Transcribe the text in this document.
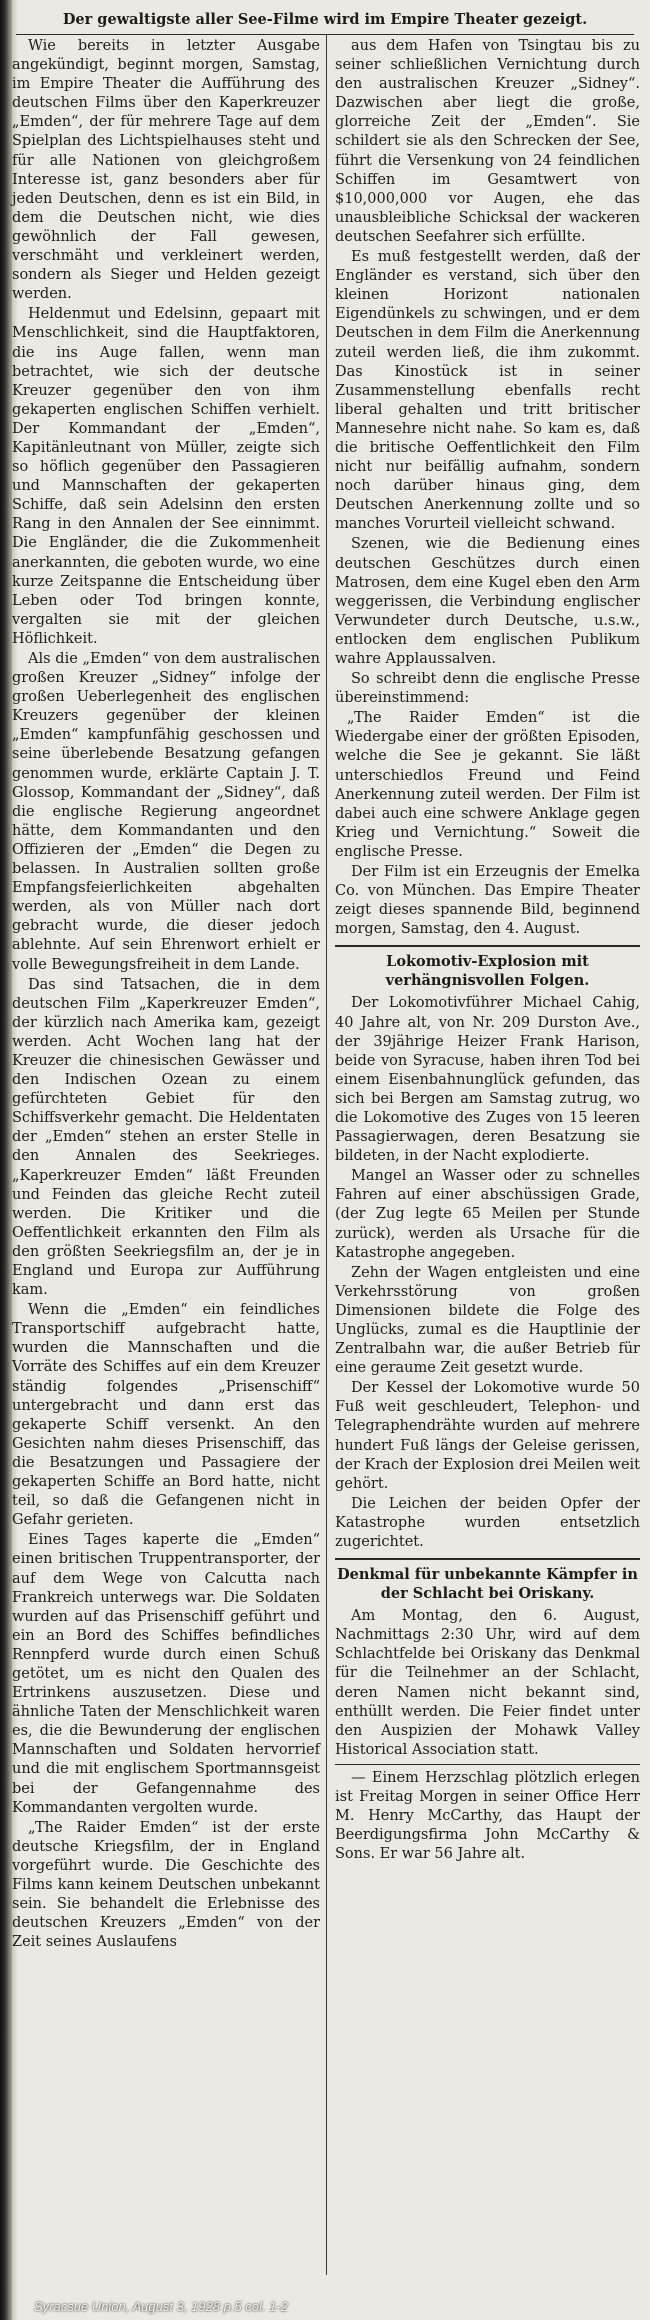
Der gewaltigste aller See-Filme wird im Empire Theater gezeigt.

Wie bereits in letzter Ausgabe angekündigt, beginnt morgen, Samstag, im Empire Theater die Aufführung des deutschen Films über den Kaperkreuzer „Emden“, der für mehrere Tage auf dem Spielplan des Lichtspielhauses steht und für alle Nationen von gleichgroßem Interesse ist, ganz besonders aber für jeden Deutschen, denn es ist ein Bild, in dem die Deutschen nicht, wie dies gewöhnlich der Fall gewesen, verschmäht und verkleinert werden, sondern als Sieger und Helden gezeigt werden.

Heldenmut und Edelsinn, gepaart mit Menschlichkeit, sind die Hauptfaktoren, die ins Auge fallen, wenn man betrachtet, wie sich der deutsche Kreuzer gegenüber den von ihm gekaperten englischen Schiffen verhielt. Der Kommandant der „Emden“, Kapitänleutnant von Müller, zeigte sich so höflich gegenüber den Passagieren und Mannschaften der gekaperten Schiffe, daß sein Adelsinn den ersten Rang in den Annalen der See einnimmt. Die Engländer, die die Zukommenheit anerkannten, die geboten wurde, wo eine kurze Zeitspanne die Entscheidung über Leben oder Tod bringen konnte, vergalten sie mit der gleichen Höflichkeit.

Als die „Emden“ von dem australischen großen Kreuzer „Sidney“ infolge der großen Ueberlegenheit des englischen Kreuzers gegenüber der kleinen „Emden“ kampfunfähig geschossen und seine überlebende Besatzung gefangen genommen wurde, erklärte Captain J. T. Glossop, Kommandant der „Sidney“, daß die englische Regierung angeordnet hätte, dem Kommandanten und den Offizieren der „Emden“ die Degen zu belassen. In Australien sollten große Empfangsfeierlichkeiten abgehalten werden, als von Müller nach dort gebracht wurde, die dieser jedoch ablehnte. Auf sein Ehrenwort erhielt er volle Bewegungsfreiheit in dem Lande.

Das sind Tatsachen, die in dem deutschen Film „Kaperkreuzer Emden“, der kürzlich nach Amerika kam, gezeigt werden. Acht Wochen lang hat der Kreuzer die chinesischen Gewässer und den Indischen Ozean zu einem gefürchteten Gebiet für den Schiffsverkehr gemacht. Die Heldentaten der „Emden“ stehen an erster Stelle in den Annalen des Seekrieges. „Kaperkreuzer Emden“ läßt Freunden und Feinden das gleiche Recht zuteil werden. Die Kritiker und die Oeffentlichkeit erkannten den Film als den größten Seekriegsfilm an, der je in England und Europa zur Aufführung kam.

Wenn die „Emden“ ein feindliches Transportschiff aufgebracht hatte, wurden die Mannschaften und die Vorräte des Schiffes auf ein dem Kreuzer ständig folgendes „Prisenschiff“ untergebracht und dann erst das gekaperte Schiff versenkt. An den Gesichten nahm dieses Prisenschiff, das die Besatzungen und Passagiere der gekaperten Schiffe an Bord hatte, nicht teil, so daß die Gefangenen nicht in Gefahr gerieten.

Eines Tages kaperte die „Emden“ einen britischen Truppentransporter, der auf dem Wege von Calcutta nach Frankreich unterwegs war. Die Soldaten wurden auf das Prisenschiff geführt und ein an Bord des Schiffes befindliches Rennpferd wurde durch einen Schuß getötet, um es nicht den Qualen des Ertrinkens auszusetzen. Diese und ähnliche Taten der Menschlichkeit waren es, die die Bewunderung der englischen Mannschaften und Soldaten hervorrief und die mit englischem Sportmannsgeist bei der Gefangennahme des Kommandanten vergolten wurde.

„The Raider Emden“ ist der erste deutsche Kriegsfilm, der in England vorgeführt wurde. Die Geschichte des Films kann keinem Deutschen unbekannt sein. Sie behandelt die Erlebnisse des deutschen Kreuzers „Emden“ von der Zeit seines Auslaufens

aus dem Hafen von Tsingtau bis zu seiner schließlichen Vernichtung durch den australischen Kreuzer „Sidney“. Dazwischen aber liegt die große, glorreiche Zeit der „Emden“. Sie schildert sie als den Schrecken der See, führt die Versenkung von 24 feindlichen Schiffen im Gesamtwert von $10,000,000 vor Augen, ehe das unausbleibliche Schicksal der wackeren deutschen Seefahrer sich erfüllte.

Es muß festgestellt werden, daß der Engländer es verstand, sich über den kleinen Horizont nationalen Eigendünkels zu schwingen, und er dem Deutschen in dem Film die Anerkennung zuteil werden ließ, die ihm zukommt. Das Kinostück ist in seiner Zusammenstellung ebenfalls recht liberal gehalten und tritt britischer Mannesehre nicht nahe. So kam es, daß die britische Oeffentlichkeit den Film nicht nur beifällig aufnahm, sondern noch darüber hinaus ging, dem Deutschen Anerkennung zollte und so manches Vorurteil vielleicht schwand.

Szenen, wie die Bedienung eines deutschen Geschützes durch einen Matrosen, dem eine Kugel eben den Arm weggerissen, die Verbindung englischer Verwundeter durch Deutsche, u.s.w., entlocken dem englischen Publikum wahre Applaussalven.

So schreibt denn die englische Presse übereinstimmend:

„The Raider Emden“ ist die Wiedergabe einer der größten Episoden, welche die See je gekannt. Sie läßt unterschiedlos Freund und Feind Anerkennung zuteil werden. Der Film ist dabei auch eine schwere Anklage gegen Krieg und Vernichtung.“ Soweit die englische Presse.

Der Film ist ein Erzeugnis der Emelka Co. von München. Das Empire Theater zeigt dieses spannende Bild, beginnend morgen, Samstag, den 4. August.

Lokomotiv-Explosion mit verhängnisvollen Folgen.

Der Lokomotivführer Michael Cahig, 40 Jahre alt, von Nr. 209 Durston Ave., der 39jährige Heizer Frank Harison, beide von Syracuse, haben ihren Tod bei einem Eisenbahnunglück gefunden, das sich bei Bergen am Samstag zutrug, wo die Lokomotive des Zuges von 15 leeren Passagierwagen, deren Besatzung sie bildeten, in der Nacht explodierte.

Mangel an Wasser oder zu schnelles Fahren auf einer abschüssigen Grade, (der Zug legte 65 Meilen per Stunde zurück), werden als Ursache für die Katastrophe angegeben.

Zehn der Wagen entgleisten und eine Verkehrsstörung von großen Dimensionen bildete die Folge des Unglücks, zumal es die Hauptlinie der Zentralbahn war, die außer Betrieb für eine geraume Zeit gesetzt wurde.

Der Kessel der Lokomotive wurde 50 Fuß weit geschleudert, Telephon- und Telegraphendrähte wurden auf mehrere hundert Fuß längs der Geleise gerissen, der Krach der Explosion drei Meilen weit gehört.

Die Leichen der beiden Opfer der Katastrophe wurden entsetzlich zugerichtet.

Denkmal für unbekannte Kämpfer in der Schlacht bei Oriskany.

Am Montag, den 6. August, Nachmittags 2:30 Uhr, wird auf dem Schlachtfelde bei Oriskany das Denkmal für die Teilnehmer an der Schlacht, deren Namen nicht bekannt sind, enthüllt werden. Die Feier findet unter den Auspizien der Mohawk Valley Historical Association statt.

— Einem Herzschlag plötzlich erlegen ist Freitag Morgen in seiner Office Herr M. Henry McCarthy, das Haupt der Beerdigungsfirma John McCarthy & Sons. Er war 56 Jahre alt.

Syracsue Union, August 3, 1928 p.5 col. 1-2
